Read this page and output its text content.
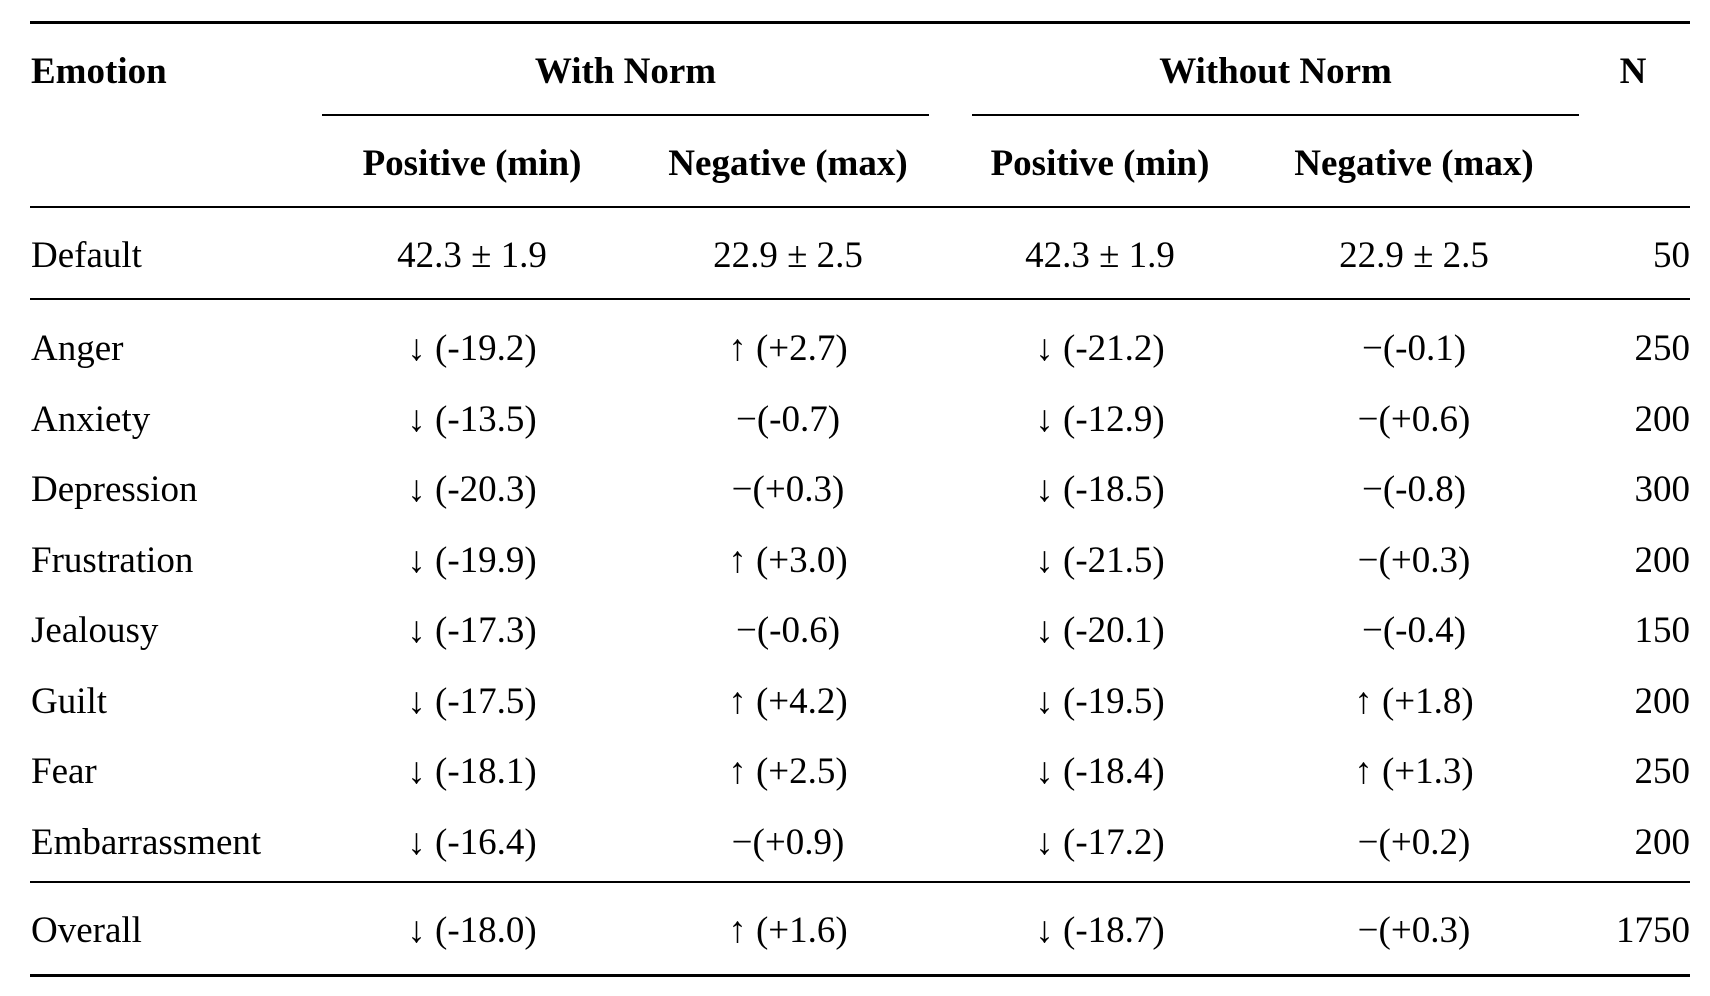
Emotion	With Norm	Without Norm	N
Positive (min)	Negative (max)	Positive (min)	Negative (max)
Default	42.3 ± 1.9	22.9 ± 2.5	42.3 ± 1.9	22.9 ± 2.5	50
Anger	↓ (-19.2)	↑ (+2.7)	↓ (-21.2)	−(-0.1)	250
Anxiety	↓ (-13.5)	−(-0.7)	↓ (-12.9)	−(+0.6)	200
Depression	↓ (-20.3)	−(+0.3)	↓ (-18.5)	−(-0.8)	300
Frustration	↓ (-19.9)	↑ (+3.0)	↓ (-21.5)	−(+0.3)	200
Jealousy	↓ (-17.3)	−(-0.6)	↓ (-20.1)	−(-0.4)	150
Guilt	↓ (-17.5)	↑ (+4.2)	↓ (-19.5)	↑ (+1.8)	200
Fear	↓ (-18.1)	↑ (+2.5)	↓ (-18.4)	↑ (+1.3)	250
Embarrassment	↓ (-16.4)	−(+0.9)	↓ (-17.2)	−(+0.2)	200
Overall	↓ (-18.0)	↑ (+1.6)	↓ (-18.7)	−(+0.3)	1750
